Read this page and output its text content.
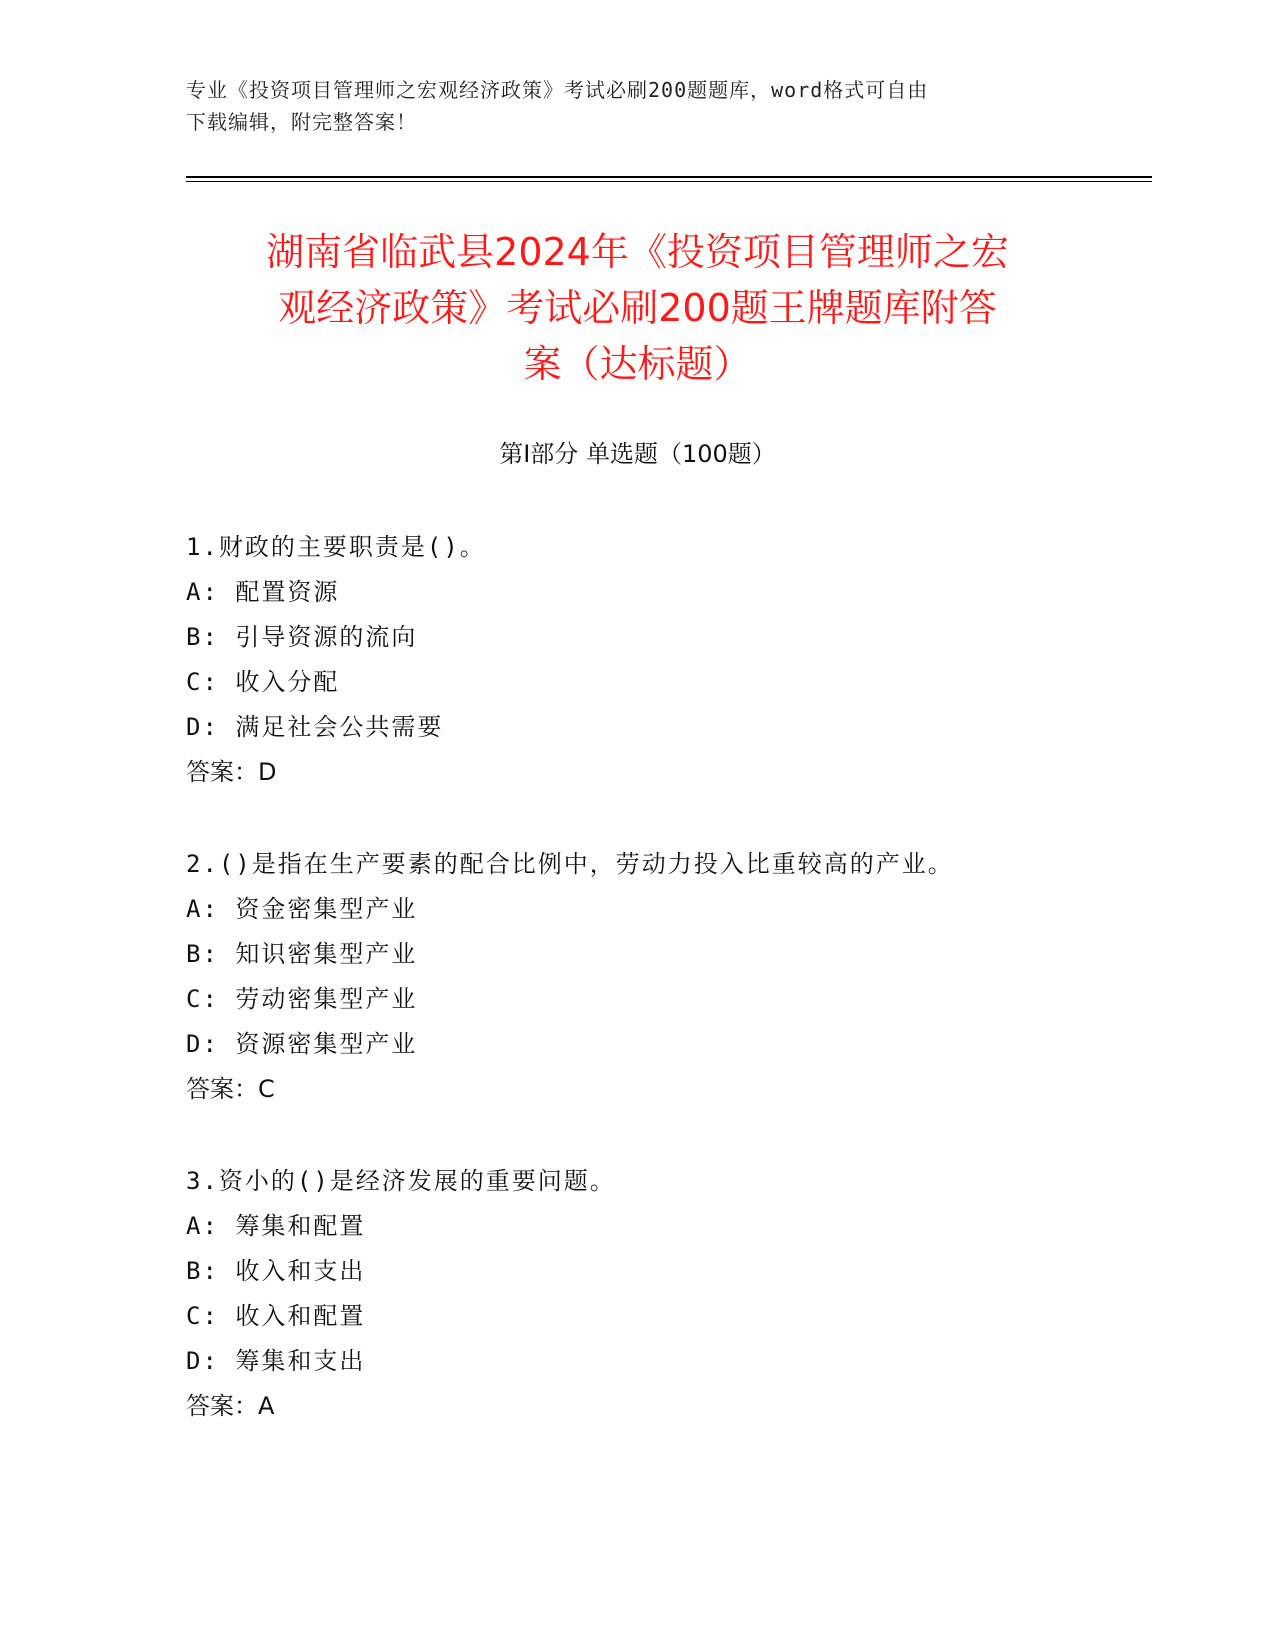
专业《投资项目管理师之宏观经济政策》考试必刷200题题库，word格式可自由
下载编辑，附完整答案！
湖南省临武县2024年《投资项目管理师之宏
观经济政策》考试必刷200题王牌题库附答
案（达标题）
第Ⅰ部分 单选题（100题）
1.财政的主要职责是()。
A: 配置资源
B: 引导资源的流向
C: 收入分配
D: 满足社会公共需要
答案：D
2.()是指在生产要素的配合比例中，劳动力投入比重较高的产业。
A: 资金密集型产业
B: 知识密集型产业
C: 劳动密集型产业
D: 资源密集型产业
答案：C
3.资小的()是经济发展的重要问题。
A: 筹集和配置
B: 收入和支出
C: 收入和配置
D: 筹集和支出
答案：A
